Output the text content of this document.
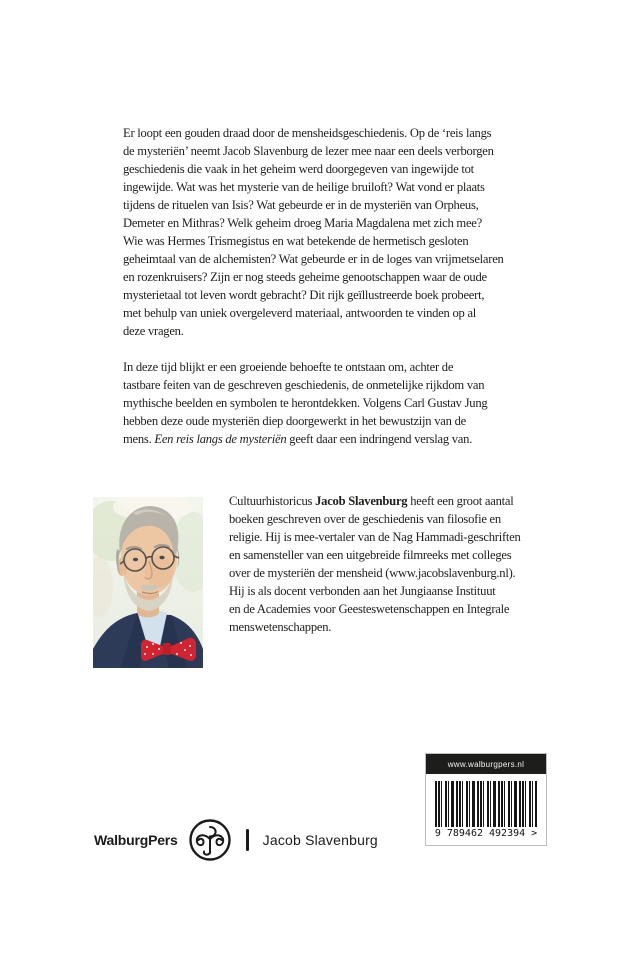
Er loopt een gouden draad door de mensheidsgeschiedenis. Op de ‘reis langs
de mysteriën’ neemt Jacob Slavenburg de lezer mee naar een deels verborgen
geschiedenis die vaak in het geheim werd doorgegeven van ingewijde tot
ingewijde. Wat was het mysterie van de heilige bruiloft? Wat vond er plaats
tijdens de rituelen van Isis? Wat gebeurde er in de mysteriën van Orpheus,
Demeter en Mithras? Welk geheim droeg Maria Magdalena met zich mee?
Wie was Hermes Trismegistus en wat betekende de hermetisch gesloten
geheimtaal van de alchemisten? Wat gebeurde er in de loges van vrijmetselaren
en rozenkruisers? Zijn er nog steeds geheime genootschappen waar de oude
mysterietaal tot leven wordt gebracht? Dit rijk geïllustreerde boek probeert,
met behulp van uniek overgeleverd materiaal, antwoorden te vinden op al
deze vragen.
In deze tijd blijkt er een groeiende behoefte te ontstaan om, achter de
tastbare feiten van de geschreven geschiedenis, de onmetelijke rijkdom van
mythische beelden en symbolen te herontdekken. Volgens Carl Gustav Jung
hebben deze oude mysteriën diep doorgewerkt in het bewustzijn van de
mens. Een reis langs de mysteriën geeft daar een indringend verslag van.
Cultuurhistoricus Jacob Slavenburg heeft een groot aantal
boeken geschreven over de geschiedenis van filosofie en
religie. Hij is mee-vertaler van de Nag Hammadi-geschriften
en samensteller van een uitgebreide filmreeks met colleges
over de mysteriën der mensheid (www.jacobslavenburg.nl).
Hij is als docent verbonden aan het Jungiaanse Instituut
en de Academies voor Geesteswetenschappen en Integrale
menswetenschappen.
WalburgPers	Jacob Slavenburg
www.walburgpers.nl
9 789462 492394 >
